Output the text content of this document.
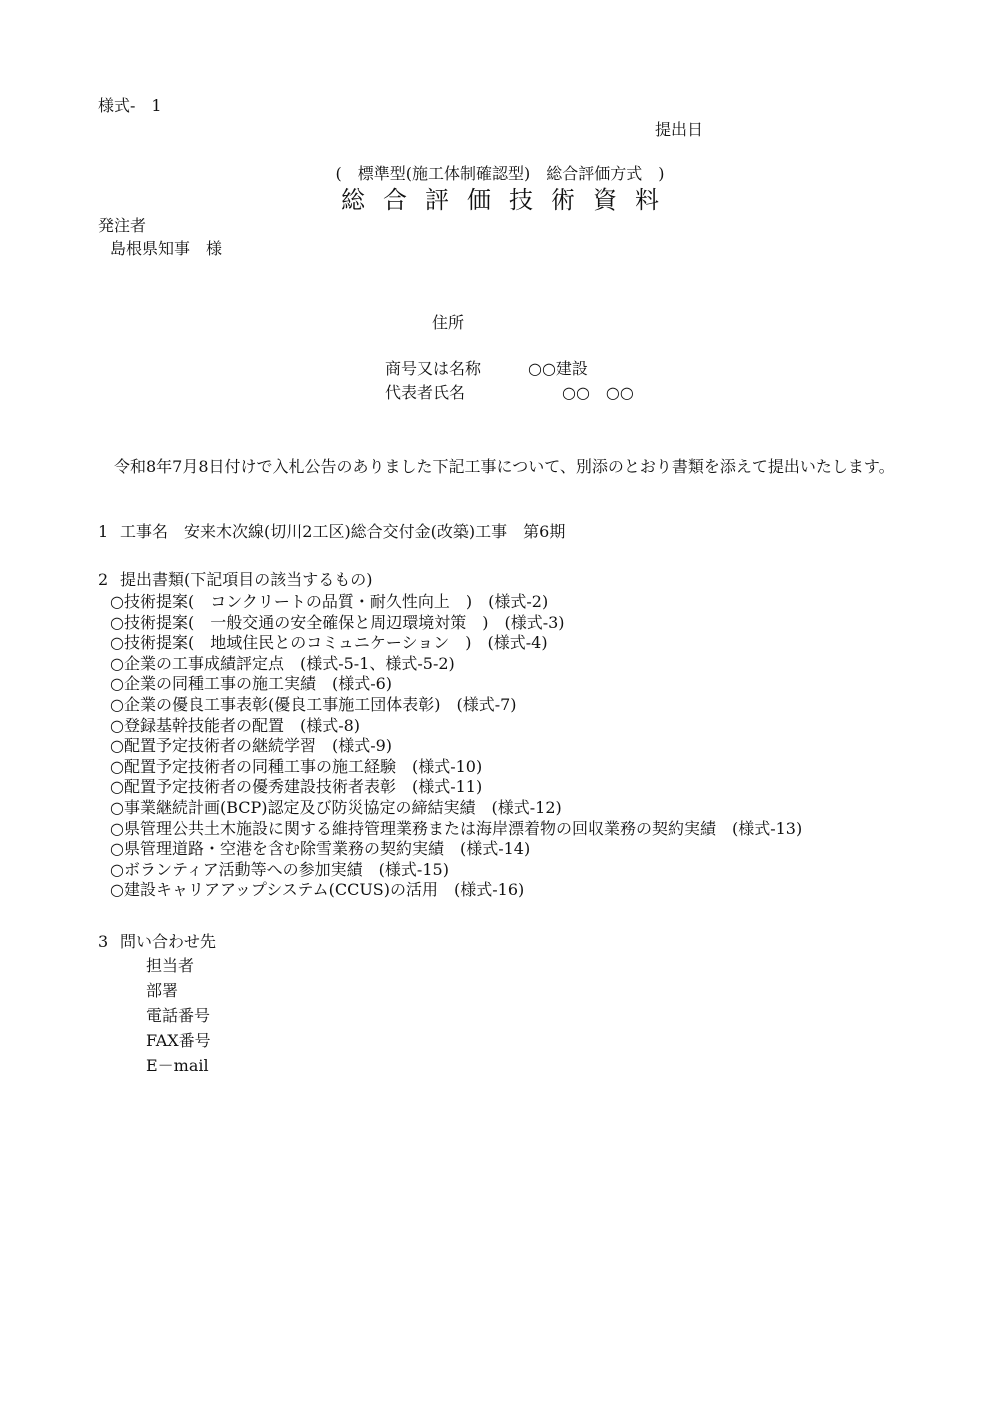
様式‐　1
提出日
(　標準型(施工体制確認型)　総合評価方式　)
総合評価技術資料
発注者
島根県知事　様
住所
商号又は名称	○○建設
代表者氏名	○○　○○
令和8年7月8日付けで入札公告のありました下記工事について、別添のとおり書類を添えて提出いたします。
1 工事名 安来木次線(切川2工区)総合交付金(改築)工事　第6期
2 提出書類(下記項目の該当するもの)
○技術提案(　コンクリートの品質・耐久性向上　)　(様式‐2)
○技術提案(　一般交通の安全確保と周辺環境対策　)　(様式‐3)
○技術提案(　地域住民とのコミュニケーション　)　(様式‐4)
○企業の工事成績評定点　(様式‐5‐1、様式‐5‐2)
○企業の同種工事の施工実績　(様式‐6)
○企業の優良工事表彰(優良工事施工団体表彰)　(様式‐7)
○登録基幹技能者の配置　(様式‐8)
○配置予定技術者の継続学習　(様式‐9)
○配置予定技術者の同種工事の施工経験　(様式‐10)
○配置予定技術者の優秀建設技術者表彰　(様式‐11)
○事業継続計画(BCP)認定及び防災協定の締結実績　(様式‐12)
○県管理公共土木施設に関する維持管理業務または海岸漂着物の回収業務の契約実績　(様式‐13)
○県管理道路・空港を含む除雪業務の契約実績　(様式‐14)
○ボランティア活動等への参加実績　(様式‐15)
○建設キャリアアップシステム(CCUS)の活用　(様式‐16)
3 問い合わせ先
担当者
部署
電話番号
FAX番号
E－mail
